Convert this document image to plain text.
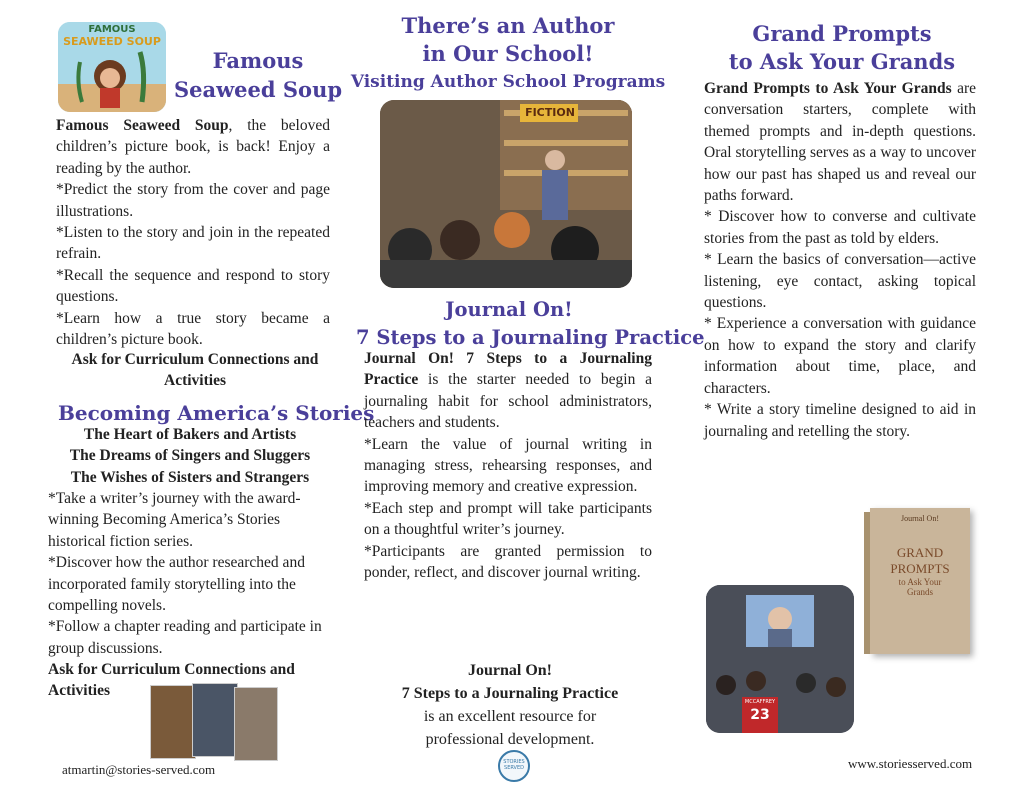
FAMOUS
SEAWEED SOUP
Famous Seaweed Soup

Famous Seaweed Soup, the beloved children’s picture book, is back! Enjoy a reading by the author.

*Predict the story from the cover and page illustrations.

*Listen to the story and join in the repeated refrain.

*Recall the sequence and respond to story questions.

*Learn how a true story became a children’s picture book.

Ask for Curriculum Connections and Activities
Becoming America’s Stories

The Heart of Bakers and Artists

The Dreams of Singers and Sluggers

The Wishes of Sisters and Strangers

*Take a writer’s journey with the award-winning Becoming America’s Stories historical fiction series.

*Discover how the author researched and incorporated family storytelling into the compelling novels.

*Follow a chapter reading and participate in group discussions.

Ask for Curriculum Connections and Activities
atmartin@stories-served.com
There’s an Author
in Our School!
Visiting Author School Programs
FICTION
Journal On!
7 Steps to a Journaling Practice

Journal On! 7 Steps to a Journaling Practice is the starter needed to begin a journaling habit for school administrators, teachers and students.

*Learn the value of journal writing in managing stress, rehearsing responses, and improving memory and creative expression.

*Each step and prompt will take participants on a thoughtful writer’s journey.

*Participants are granted permission to ponder, reflect, and discover journal writing.

Journal On!
7 Steps to a Journaling Practice
is an excellent resource for
professional development.
STORIES SERVED
Grand Prompts
to Ask Your Grands

Grand Prompts to Ask Your Grands are conversation starters, complete with themed prompts and in-depth questions. Oral storytelling serves as a way to uncover how our past has shaped us and reveal our paths forward.

* Discover how to converse and cultivate stories from the past as told by elders.

* Learn the basics of conversation—active listening, eye contact, asking topical questions.

* Experience a conversation with guidance on how to expand the story and clarify information about time, place, and characters.

* Write a story timeline designed to aid in journaling and retelling the story.

Journal On!
GRAND
PROMPTS
to Ask Your
Grands
MCCAFFREY
23
www.storiesserved.com
